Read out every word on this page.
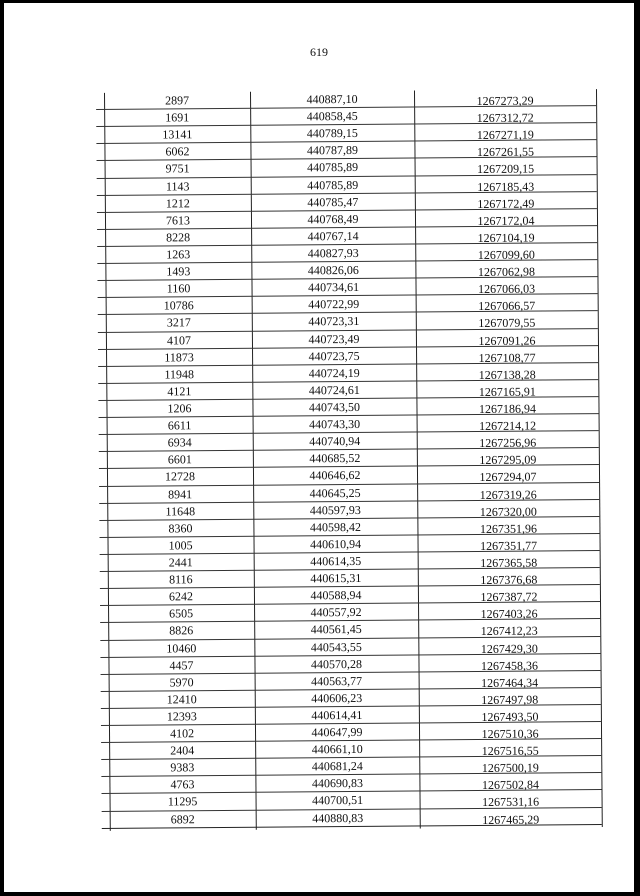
619
2897	440887,10	1267273,29
1691	440858,45	1267312,72
13141	440789,15	1267271,19
6062	440787,89	1267261,55
9751	440785,89	1267209,15
1143	440785,89	1267185,43
1212	440785,47	1267172,49
7613	440768,49	1267172,04
8228	440767,14	1267104,19
1263	440827,93	1267099,60
1493	440826,06	1267062,98
1160	440734,61	1267066,03
10786	440722,99	1267066,57
3217	440723,31	1267079,55
4107	440723,49	1267091,26
11873	440723,75	1267108,77
11948	440724,19	1267138,28
4121	440724,61	1267165,91
1206	440743,50	1267186,94
6611	440743,30	1267214,12
6934	440740,94	1267256,96
6601	440685,52	1267295,09
12728	440646,62	1267294,07
8941	440645,25	1267319,26
11648	440597,93	1267320,00
8360	440598,42	1267351,96
1005	440610,94	1267351,77
2441	440614,35	1267365,58
8116	440615,31	1267376,68
6242	440588,94	1267387,72
6505	440557,92	1267403,26
8826	440561,45	1267412,23
10460	440543,55	1267429,30
4457	440570,28	1267458,36
5970	440563,77	1267464,34
12410	440606,23	1267497,98
12393	440614,41	1267493,50
4102	440647,99	1267510,36
2404	440661,10	1267516,55
9383	440681,24	1267500,19
4763	440690,83	1267502,84
11295	440700,51	1267531,16
6892	440880,83	1267465,29
